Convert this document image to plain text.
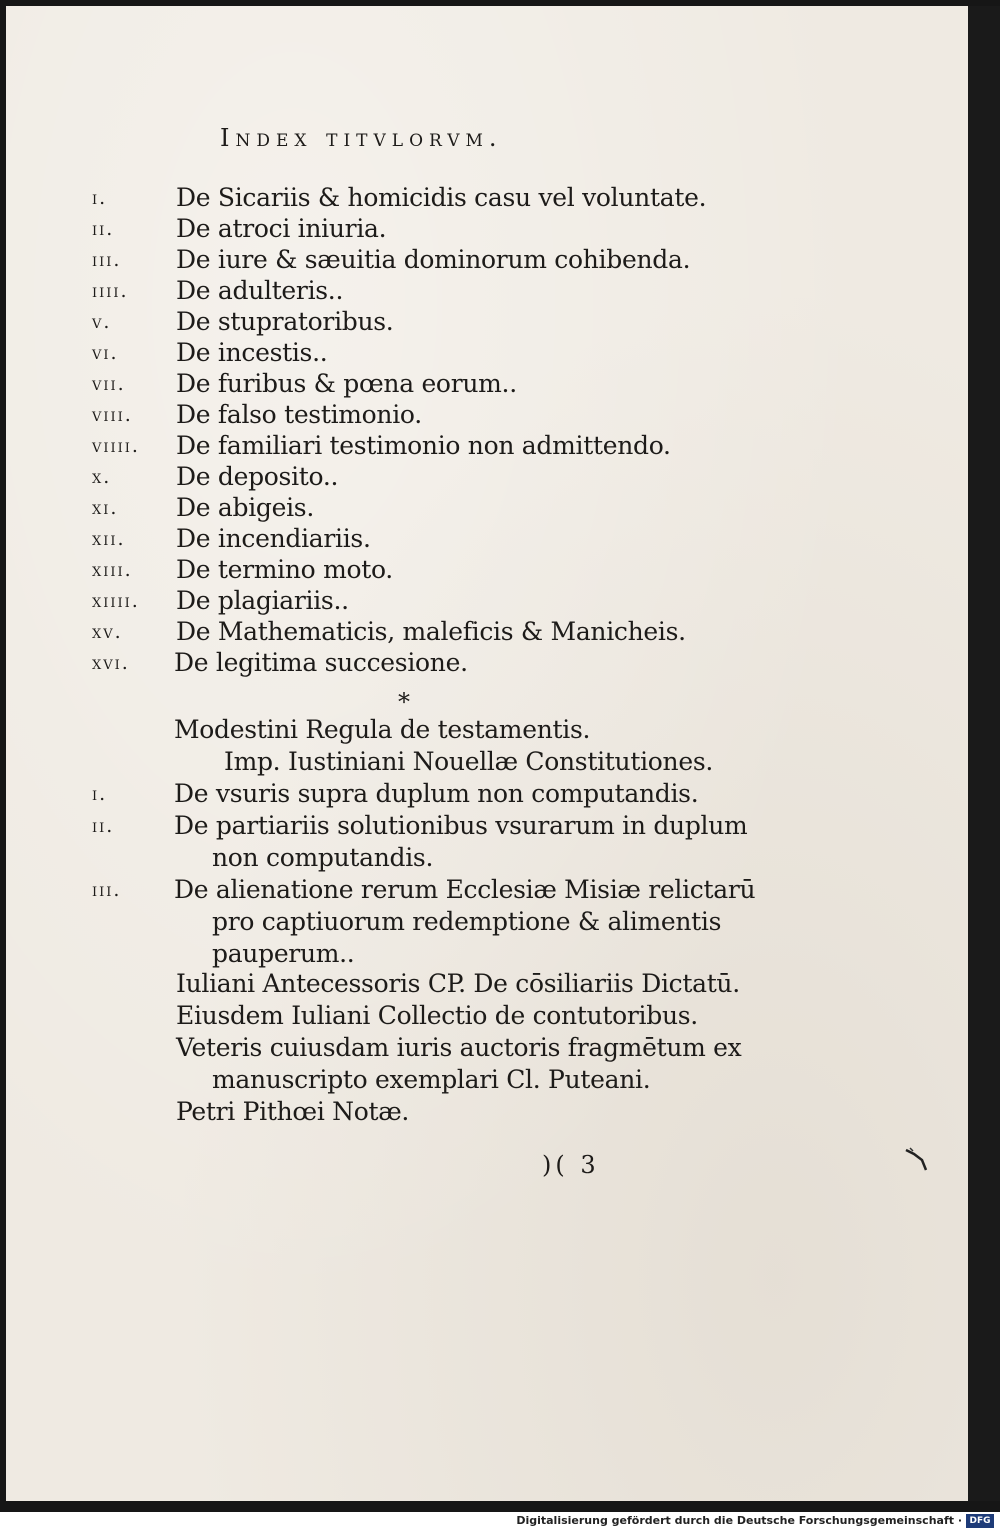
Index titvlorvm.
i.	De Sicariis & homicidis casu vel voluntate.
ii. De atroci iniuria.
iii. De iure & sæuitia dominorum cohibenda.
iiii. De adulteris..
v.	De stupratoribus.
vi. De incestis..
vii. De furibus & pœna eorum..
viii. De falso testimonio.
viiii. De familiari testimonio non admittendo.
x.	De deposito..
xi. De abigeis.
xii. De incendiariis.
xiii. De termino moto.
xiiii. De plagiariis..
xv. De Mathematicis, maleficis & Manicheis.
xvi. De legitima succesione.
*
Modestini Regula de testamentis.
Imp. Iustiniani Nouellæ Constitutiones.
i.	De vsuris supra duplum non computandis.
ii. De partiariis solutionibus vsurarum in duplum
non computandis.
iii. De alienatione rerum Ecclesiæ Misiæ relictarū
pro captiuorum redemptione & alimentis
pauperum..
Iuliani Antecessoris CP. De cōsiliariis Dictatū.
Eiusdem Iuliani Collectio de contutoribus.
Veteris cuiusdam iuris auctoris fragmētum ex
manuscripto exemplari Cl. Puteani.
Petri Pithœi Notæ.
)( 3
Digitalisierung gefördert durch die Deutsche Forschungsgemeinschaft · DFG
